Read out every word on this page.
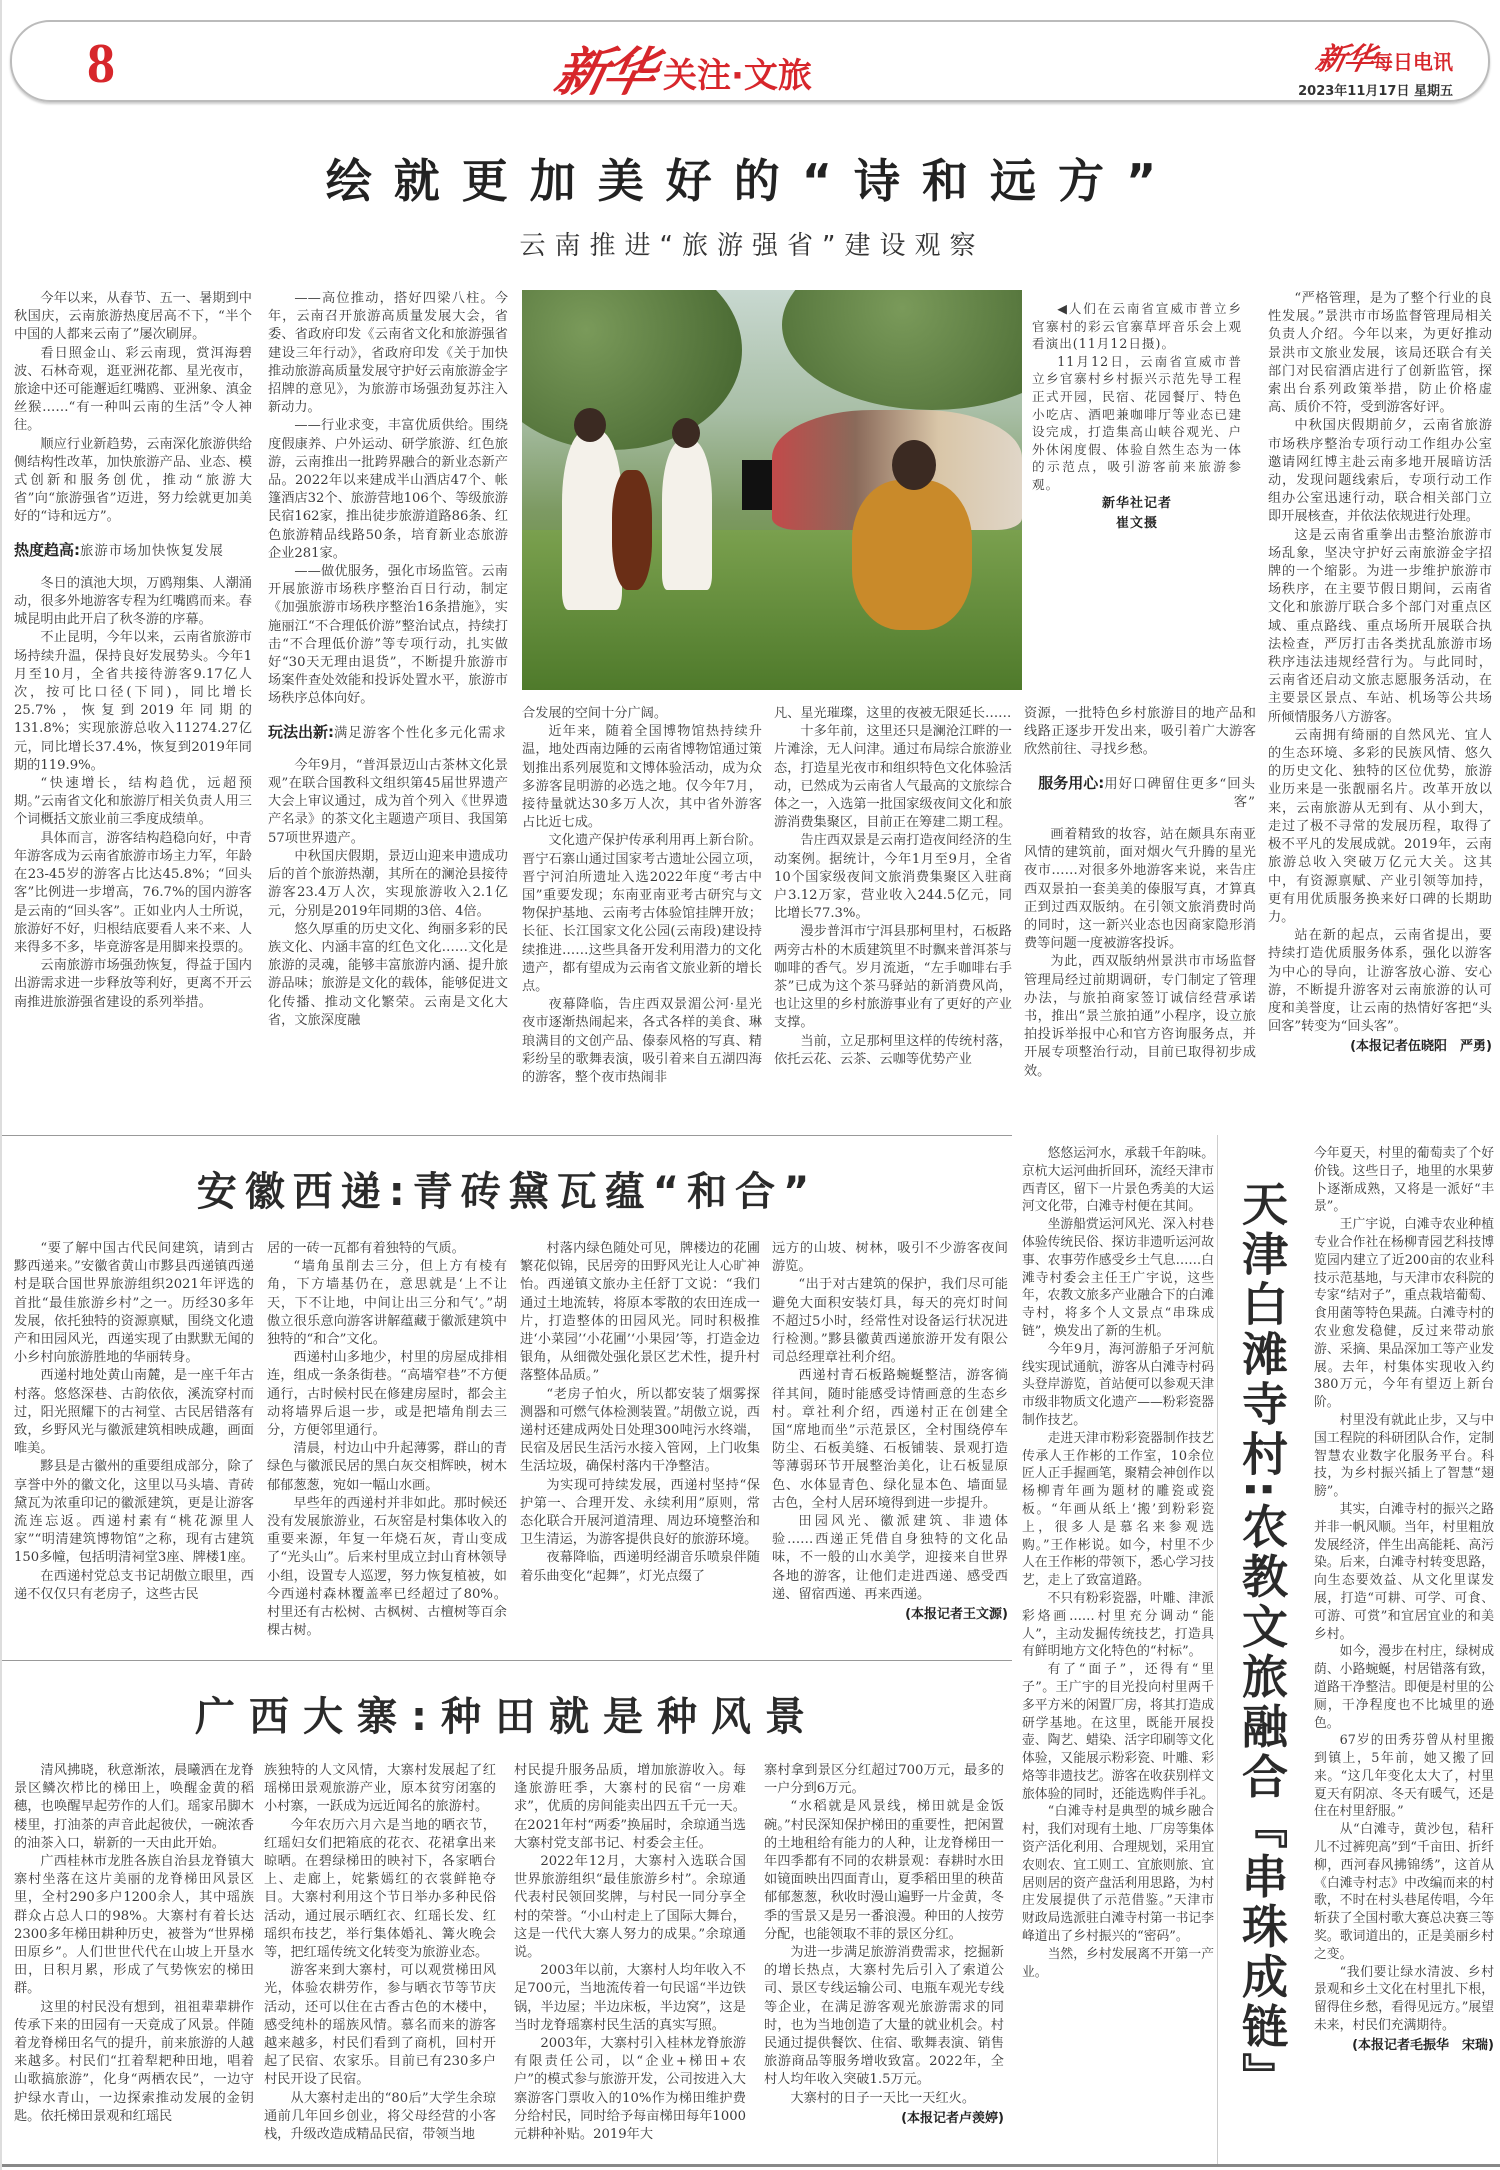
8	新华 关注·文旅	新华
每日电讯
2023年11月17日 星期五
绘就更加美好的“诗和远方”
云南推进“旅游强省”建设观察

今年以来，从春节、五一、暑期到中秋国庆，云南旅游热度居高不下，“半个中国的人都来云南了”屡次刷屏。

看日照金山、彩云南现，赏洱海碧波、石林奇观，逛亚洲花都、星光夜市，旅途中还可能邂逅红嘴鸥、亚洲象、滇金丝猴……“有一种叫云南的生活”令人神往。

顺应行业新趋势，云南深化旅游供给侧结构性改革，加快旅游产品、业态、模式创新和服务创优，推动“旅游大省”向“旅游强省”迈进，努力绘就更加美好的“诗和远方”。

热度趋高:旅游市场加快恢复发展

冬日的滇池大坝，万鸥翔集、人潮涌动，很多外地游客专程为红嘴鸥而来。春城昆明由此开启了秋冬游的序幕。

不止昆明，今年以来，云南省旅游市场持续升温，保持良好发展势头。今年1月至10月，全省共接待游客9.17亿人次，按可比口径(下同)，同比增长25.7%，恢复到2019年同期的131.8%；实现旅游总收入11274.27亿元，同比增长37.4%，恢复到2019年同期的119.9%。

“快速增长，结构趋优，远超预期。”云南省文化和旅游厅相关负责人用三个词概括文旅业前三季度成绩单。

具体而言，游客结构趋稳向好，中青年游客成为云南省旅游市场主力军，年龄在23-45岁的游客占比达45.8%；“回头客”比例进一步增高，76.7%的国内游客是云南的“回头客”。正如业内人士所说，旅游好不好，归根结底要看人来不来、人来得多不多，毕竟游客是用脚来投票的。

云南旅游市场强劲恢复，得益于国内出游需求进一步释放等利好，更离不开云南推进旅游强省建设的系列举措。

——高位推动，搭好四梁八柱。今年，云南召开旅游高质量发展大会，省委、省政府印发《云南省文化和旅游强省建设三年行动》，省政府印发《关于加快推动旅游高质量发展守护好云南旅游金字招牌的意见》，为旅游市场强劲复苏注入新动力。

——行业求变，丰富优质供给。围绕度假康养、户外运动、研学旅游、红色旅游，云南推出一批跨界融合的新业态新产品。2022年以来建成半山酒店47个、帐篷酒店32个、旅游营地106个、等级旅游民宿162家，推出徒步旅游道路86条、红色旅游精品线路50条，培育新业态旅游企业281家。

——做优服务，强化市场监管。云南开展旅游市场秩序整治百日行动，制定《加强旅游市场秩序整治16条措施》，实施丽江“不合理低价游”整治试点，持续打击“不合理低价游”等专项行动，扎实做好“30天无理由退货”，不断提升旅游市场案件查处效能和投诉处置水平，旅游市场秩序总体向好。

玩法出新:满足游客个性化多元化需求

今年9月，“普洱景迈山古茶林文化景观”在联合国教科文组织第45届世界遗产大会上审议通过，成为首个列入《世界遗产名录》的茶文化主题遗产项目、我国第57项世界遗产。

中秋国庆假期，景迈山迎来申遗成功后的首个旅游热潮，其所在的澜沧县接待游客23.4万人次，实现旅游收入2.1亿元，分别是2019年同期的3倍、4倍。

悠久厚重的历史文化、绚丽多彩的民族文化、内涵丰富的红色文化……文化是旅游的灵魂，能够丰富旅游内涵、提升旅游品味；旅游是文化的载体，能够促进文化传播、推动文化繁荣。云南是文化大省，文旅深度融

◀人们在云南省宣威市普立乡官寨村的彩云官寨草坪音乐会上观看演出(11月12日摄)。

11月12日，云南省宣威市普立乡官寨村乡村振兴示范先导工程正式开园，民宿、花园餐厅、特色小吃店、酒吧兼咖啡厅等业态已建设完成，打造集高山峡谷观光、户外休闲度假、体验自然生态为一体的示范点，吸引游客前来旅游参观。

新华社记者

崔文摄

合发展的空间十分广阔。

近年来，随着全国博物馆热持续升温，地处西南边陲的云南省博物馆通过策划推出系列展览和文博体验活动，成为众多游客昆明游的必选之地。仅今年7月，接待量就达30多万人次，其中省外游客占比近七成。

文化遗产保护传承利用再上新台阶。晋宁石寨山通过国家考古遗址公园立项，晋宁河泊所遗址入选2022年度“考古中国”重要发现；东南亚南亚考古研究与文物保护基地、云南考古体验馆挂牌开放；长征、长江国家文化公园(云南段)建设持续推进……这些具备开发利用潜力的文化遗产，都有望成为云南省文旅业新的增长点。

夜幕降临，告庄西双景湄公河·星光夜市逐渐热闹起来，各式各样的美食、琳琅满目的文创产品、傣泰风格的写真、精彩纷呈的歌舞表演，吸引着来自五湖四海的游客，整个夜市热闹非

凡、星光璀璨，这里的夜被无限延长……

十多年前，这里还只是澜沧江畔的一片滩涂，无人问津。通过布局综合旅游业态，打造星光夜市和组织特色文化体验活动，已然成为云南省人气最高的文旅综合体之一，入选第一批国家级夜间文化和旅游消费集聚区，目前正在筹建二期工程。

告庄西双景是云南打造夜间经济的生动案例。据统计，今年1月至9月，全省10个国家级夜间文旅消费集聚区入驻商户3.12万家，营业收入244.5亿元，同比增长77.3%。

漫步普洱市宁洱县那柯里村，石板路两旁古朴的木质建筑里不时飘来普洱茶与咖啡的香气。岁月流逝，“左手咖啡右手茶”已成为这个茶马驿站的新消费风尚，也让这里的乡村旅游事业有了更好的产业支撑。

当前，立足那柯里这样的传统村落，依托云花、云茶、云咖等优势产业

资源，一批特色乡村旅游目的地产品和线路正逐步开发出来，吸引着广大游客欣然前往、寻找乡愁。

服务用心:用好口碑留住更多“回头客”

画着精致的妆容，站在颇具东南亚风情的建筑前，面对烟火气升腾的星光夜市……对很多外地游客来说，来告庄西双景拍一套美美的傣服写真，才算真正到过西双版纳。在引领文旅消费时尚的同时，这一新兴业态也因商家隐形消费等问题一度被游客投诉。

为此，西双版纳州景洪市市场监督管理局经过前期调研，专门制定了管理办法，与旅拍商家签订诚信经营承诺书，推出“景兰旅拍通”小程序，设立旅拍投诉举报中心和官方咨询服务点，并开展专项整治行动，目前已取得初步成效。

“严格管理，是为了整个行业的良性发展。”景洪市市场监督管理局相关负责人介绍。今年以来，为更好推动景洪市文旅业发展，该局还联合有关部门对民宿酒店进行了创新监管，探索出台系列政策举措，防止价格虚高、质价不符，受到游客好评。

中秋国庆假期前夕，云南省旅游市场秩序整治专项行动工作组办公室邀请网红博主赴云南多地开展暗访活动，发现问题线索后，专项行动工作组办公室迅速行动，联合相关部门立即开展核查，并依法依规进行处理。

这是云南省重拳出击整治旅游市场乱象，坚决守护好云南旅游金字招牌的一个缩影。为进一步维护旅游市场秩序，在主要节假日期间，云南省文化和旅游厅联合多个部门对重点区域、重点路线、重点场所开展联合执法检查，严厉打击各类扰乱旅游市场秩序违法违规经营行为。与此同时，云南省还启动文旅志愿服务活动，在主要景区景点、车站、机场等公共场所倾情服务八方游客。

云南拥有绮丽的自然风光、宜人的生态环境、多彩的民族风情、悠久的历史文化、独特的区位优势，旅游业历来是一张靓丽名片。改革开放以来，云南旅游从无到有、从小到大，走过了极不寻常的发展历程，取得了极不平凡的发展成就。2019年，云南旅游总收入突破万亿元大关。这其中，有资源禀赋、产业引领等加持，更有用优质服务换来好口碑的长期助力。

站在新的起点，云南省提出，要持续打造优质服务体系，强化以游客为中心的导向，让游客放心游、安心游，不断提升游客对云南旅游的认可度和美誉度，让云南的热情好客把“头回客”转变为“回头客”。

(本报记者伍晓阳　严勇)

安徽西递:青砖黛瓦蕴“和合”

“要了解中国古代民间建筑，请到古黟西递来。”安徽省黄山市黟县西递镇西递村是联合国世界旅游组织2021年评选的首批“最佳旅游乡村”之一。历经30多年发展，依托独特的资源禀赋，围绕文化遗产和田园风光，西递实现了由默默无闻的小乡村向旅游胜地的华丽转身。

西递村地处黄山南麓，是一座千年古村落。悠悠深巷、古韵依依，溪流穿村而过，阳光照耀下的古祠堂、古民居错落有致，乡野风光与徽派建筑相映成趣，画面唯美。

黟县是古徽州的重要组成部分，除了享誉中外的徽文化，这里以马头墙、青砖黛瓦为浓重印记的徽派建筑，更是让游客流连忘返。西递村素有“桃花源里人家”“明清建筑博物馆”之称，现有古建筑150多幢，包括明清祠堂3座、牌楼1座。

在西递村党总支书记胡傲立眼里，西递不仅仅只有老房子，这些古民

居的一砖一瓦都有着独特的气质。

“墙角虽削去三分，但上方有棱有角，下方墙基仍在，意思就是‘上不让天，下不让地，中间让出三分和气’。”胡傲立很乐意向游客讲解蕴藏于徽派建筑中独特的“和合”文化。

西递村山多地少，村里的房屋成排相连，组成一条条街巷。“高墙窄巷”不方便通行，古时候村民在修建房屋时，都会主动将墙界后退一步，或是把墙角削去三分，方便邻里通行。

清晨，村边山中升起薄雾，群山的青绿色与徽派民居的黑白灰交相辉映，树木郁郁葱葱，宛如一幅山水画。

早些年的西递村并非如此。那时候还没有发展旅游业，石灰窑是村集体收入的重要来源，年复一年烧石灰，青山变成了“光头山”。后来村里成立封山育林领导小组，设置专人巡逻，努力恢复植被，如今西递村森林覆盖率已经超过了80%。村里还有古松树、古枫树、古檀树等百余棵古树。

村落内绿色随处可见，牌楼边的花圃繁花似锦，民居旁的田野风光让人心旷神怡。西递镇文旅办主任舒丁文说：“我们通过土地流转，将原本零散的农田连成一片，打造整体的田园风光。同时积极推进‘小菜园’‘小花圃’‘小果园’等，打造金边银角，从细微处强化景区艺术性，提升村落整体品质。”

“老房子怕火，所以都安装了烟雾探测器和可燃气体检测装置。”胡傲立说，西递村还建成两处日处理300吨污水终端，民宿及居民生活污水接入管网，上门收集生活垃圾，确保村落内干净整洁。

为实现可持续发展，西递村坚持“保护第一、合理开发、永续利用”原则，常态化联合开展河道清理、周边环境整治和卫生清运，为游客提供良好的旅游环境。

夜幕降临，西递明经湖音乐喷泉伴随着乐曲变化“起舞”，灯光点缀了

远方的山坡、树林，吸引不少游客夜间游览。

“出于对古建筑的保护，我们尽可能避免大面积安装灯具，每天的亮灯时间不超过5小时，经常性对设备运行状况进行检测。”黟县徽黄西递旅游开发有限公司总经理章社利介绍。

西递村青石板路蜿蜒整洁，游客徜徉其间，随时能感受诗情画意的生态乡村。章社利介绍，西递村正在创建全国“席地而坐”示范景区，全村围绕停车防尘、石板美缝、石板铺装、景观打造等薄弱环节开展整治美化，让石板显原色、水体显青色、绿化显本色、墙面显古色，全村人居环境得到进一步提升。

田园风光、徽派建筑、非遗体验……西递正凭借自身独特的文化品味，不一般的山水美学，迎接来自世界各地的游客，让他们走进西递、感受西递、留宿西递、再来西递。

(本报记者王文源)

广西大寨:种田就是种风景

清风拂晓，秋意渐浓，晨曦洒在龙脊景区鳞次栉比的梯田上，唤醒金黄的稻穗，也唤醒早起劳作的人们。瑶家吊脚木楼里，打油茶的声音此起彼伏，一碗浓香的油茶入口，崭新的一天由此开始。

广西桂林市龙胜各族自治县龙脊镇大寨村坐落在这片美丽的龙脊梯田风景区里，全村290多户1200余人，其中瑶族群众占总人口的98%。大寨村有着长达2300多年梯田耕种历史，被誉为“世界梯田原乡”。人们世世代代在山坡上开垦水田，日积月累，形成了气势恢宏的梯田群。

这里的村民没有想到，祖祖辈辈耕作传承下来的田园有一天竟成了风景。伴随着龙脊梯田名气的提升，前来旅游的人越来越多。村民们“扛着犁耙种田地，唱着山歌搞旅游”，化身“两栖农民”，一边守护绿水青山，一边探索推动发展的金钥匙。依托梯田景观和红瑶民

族独特的人文风情，大寨村发展起了红瑶梯田景观旅游产业，原本贫穷闭塞的小村寨，一跃成为远近闻名的旅游村。

今年农历六月六是当地的晒衣节，红瑶妇女们把箱底的花衣、花裙拿出来晾晒。在碧绿梯田的映衬下，各家晒台上、走廊上，姹紫嫣红的衣裳鲜艳夺目。大寨村利用这个节日举办多种民俗活动，通过展示晒红衣、红瑶长发、红瑶织布技艺，举行集体婚礼、篝火晚会等，把红瑶传统文化转变为旅游业态。

游客来到大寨村，可以观赏梯田风光，体验农耕劳作，参与晒衣节等节庆活动，还可以住在古香古色的木楼中，感受纯朴的瑶族风情。慕名而来的游客越来越多，村民们看到了商机，回村开起了民宿、农家乐。目前已有230多户村民开设了民宿。

从大寨村走出的“80后”大学生余琼通前几年回乡创业，将父母经营的小客栈，升级改造成精品民宿，带领当地

村民提升服务品质，增加旅游收入。每逢旅游旺季，大寨村的民宿“一房难求”，优质的房间能卖出四五千元一天。在2021年村“两委”换届时，余琼通当选大寨村党支部书记、村委会主任。

2022年12月，大寨村入选联合国世界旅游组织“最佳旅游乡村”。余琼通代表村民领回奖牌，与村民一同分享全村的荣誉。“小山村走上了国际大舞台，这是一代代大寨人努力的成果。”余琼通说。

2003年以前，大寨村人均年收入不足700元，当地流传着一句民谣“半边铁锅，半边屋；半边床板，半边窝”，这是当时龙脊瑶寨村民生活的真实写照。

2003年，大寨村引入桂林龙脊旅游有限责任公司，以“企业+梯田+农户”的模式参与旅游开发，公司按进入大寨游客门票收入的10%作为梯田维护费分给村民，同时给予每亩梯田每年1000元耕种补贴。2019年大

寨村拿到景区分红超过700万元，最多的一户分到6万元。

“水稻就是风景线，梯田就是金饭碗。”村民深知保护梯田的重要性，把闲置的土地租给有能力的人种，让龙脊梯田一年四季都有不同的农耕景观：春耕时水田如镜面映出四面青山，夏季稻田里的秧苗郁郁葱葱，秋收时漫山遍野一片金黄，冬季的雪景又是另一番浪漫。种田的人按劳分配，也能领取不菲的景区分红。

为进一步满足旅游消费需求，挖掘新的增长热点，大寨村先后引入了索道公司、景区专线运输公司、电瓶车观光专线等企业，在满足游客观光旅游需求的同时，也为当地创造了大量的就业机会。村民通过提供餐饮、住宿、歌舞表演、销售旅游商品等服务增收致富。2022年，全村人均年收入突破1.5万元。

大寨村的日子一天比一天红火。

(本报记者卢羡婷)

悠悠运河水，承载千年韵味。京杭大运河曲折回环，流经天津市西青区，留下一片景色秀美的大运河文化带，白滩寺村便在其间。

坐游船赏运河风光、深入村巷体验传统民俗、探访非遗听运河故事、农事劳作感受乡土气息……白滩寺村委会主任王广宇说，这些年，农教文旅多产业融合下的白滩寺村，将多个人文景点“串珠成链”，焕发出了新的生机。

今年9月，海河游船子牙河航线实现试通航，游客从白滩寺村码头登岸游览，首站便可以参观天津市级非物质文化遗产——粉彩瓷器制作技艺。

走进天津市粉彩瓷器制作技艺传承人王作彬的工作室，10余位匠人正手握画笔，聚精会神创作以杨柳青年画为题材的雕瓷或瓷板。“年画从纸上‘搬’到粉彩瓷上，很多人是慕名来参观选购。”王作彬说。如今，村里不少人在王作彬的带领下，悉心学习技艺，走上了致富道路。

不只有粉彩瓷器，叶雕、津派彩烙画……村里充分调动“能人”，主动发掘传统技艺，打造具有鲜明地方文化特色的“村标”。

有了“面子”，还得有“里子”。王广宇的目光投向村里两千多平方米的闲置厂房，将其打造成研学基地。在这里，既能开展投壶、陶艺、蜡染、活字印刷等文化体验，又能展示粉彩瓷、叶雕、彩烙等非遗技艺。游客在收获别样文旅体验的同时，还能选购伴手礼。

“白滩寺村是典型的城乡融合村，我们对现有土地、厂房等集体资产活化利用、合理规划，采用宜农则农、宜工则工、宜旅则旅、宜居则居的资产盘活利用思路，为村庄发展提供了示范借鉴。”天津市财政局选派驻白滩寺村第一书记李峰道出了乡村振兴的“密码”。

当然，乡村发展离不开第一产业。	天津白滩寺村:农教文旅融合『串珠成链』

今年夏天，村里的葡萄卖了个好价钱。这些日子，地里的水果萝卜逐渐成熟，又将是一派好“丰景”。

王广宇说，白滩寺农业种植专业合作社在杨柳青园艺科技博览园内建立了近200亩的农业科技示范基地，与天津市农科院的专家“结对子”，重点栽培葡萄、食用菌等特色果蔬。白滩寺村的农业愈发稳健，反过来带动旅游、采摘、果品深加工等产业发展。去年，村集体实现收入约380万元，今年有望迈上新台阶。

村里没有就此止步，又与中国工程院的科研团队合作，定制智慧农业数字化服务平台。科技，为乡村振兴插上了智慧“翅膀”。

其实，白滩寺村的振兴之路并非一帆风顺。当年，村里粗放发展经济，伴生出高能耗、高污染。后来，白滩寺村转变思路，向生态要效益、从文化里谋发展，打造“可耕、可学、可食、可游、可赏”和宜居宜业的和美乡村。

如今，漫步在村庄，绿树成荫、小路蜿蜒，村居错落有致，道路干净整洁。即便是村里的公厕，干净程度也不比城里的逊色。

67岁的田秀芬曾从村里搬到镇上，5年前，她又搬了回来。“这几年变化太大了，村里夏天有阴凉、冬天有暖气，还是住在村里舒服。”

从“白滩寺，黄沙包，秸秆儿不过裤兜高”到“千亩田、折纤柳，西河春风拂锦绣”，这首从《白滩寺村志》中改编而来的村歌，不时在村头巷尾传唱，今年斩获了全国村歌大赛总决赛三等奖。歌词道出的，正是美丽乡村之变。

“我们要让绿水清波、乡村景观和乡土文化在村里扎下根，留得住乡愁，看得见远方。”展望未来，村民们充满期待。

(本报记者毛振华　宋瑞)
